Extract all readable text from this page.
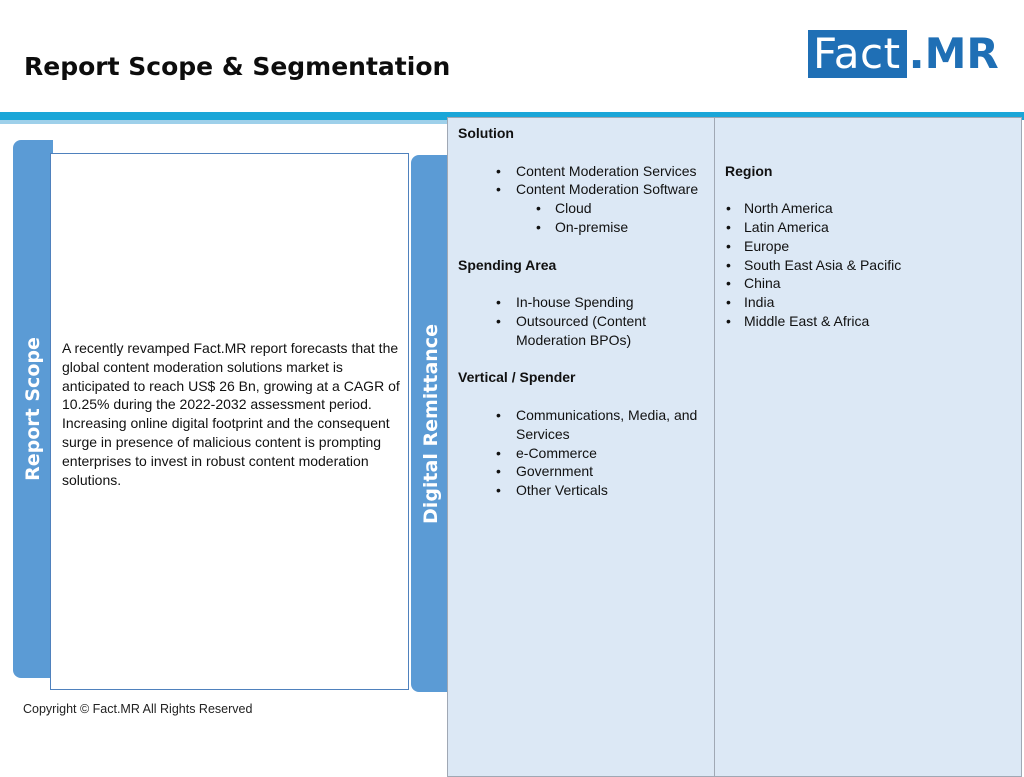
Report Scope & Segmentation	Fact .MR
Report Scope A recently revamped Fact.MR report forecasts that the global content moderation solutions market is anticipated to reach US$ 26 Bn, growing at a CAGR of 10.25% during the 2022-2032 assessment period. Increasing online digital footprint and the consequent surge in presence of malicious content is prompting enterprises to invest in robust content moderation solutions.	Digital Remittance
Solution
• Content Moderation Services
• Content Moderation Software
• Cloud
• On-premise
Spending Area
• In-house Spending
• Outsourced (Content Moderation BPOs)
Vertical / Spender
• Communications, Media, and Services
• e-Commerce
• Government
• Other Verticals
Region
• North America
• Latin America
• Europe
• South East Asia & Pacific
• China
• India
• Middle East & Africa
Copyright © Fact.MR All Rights Reserved
